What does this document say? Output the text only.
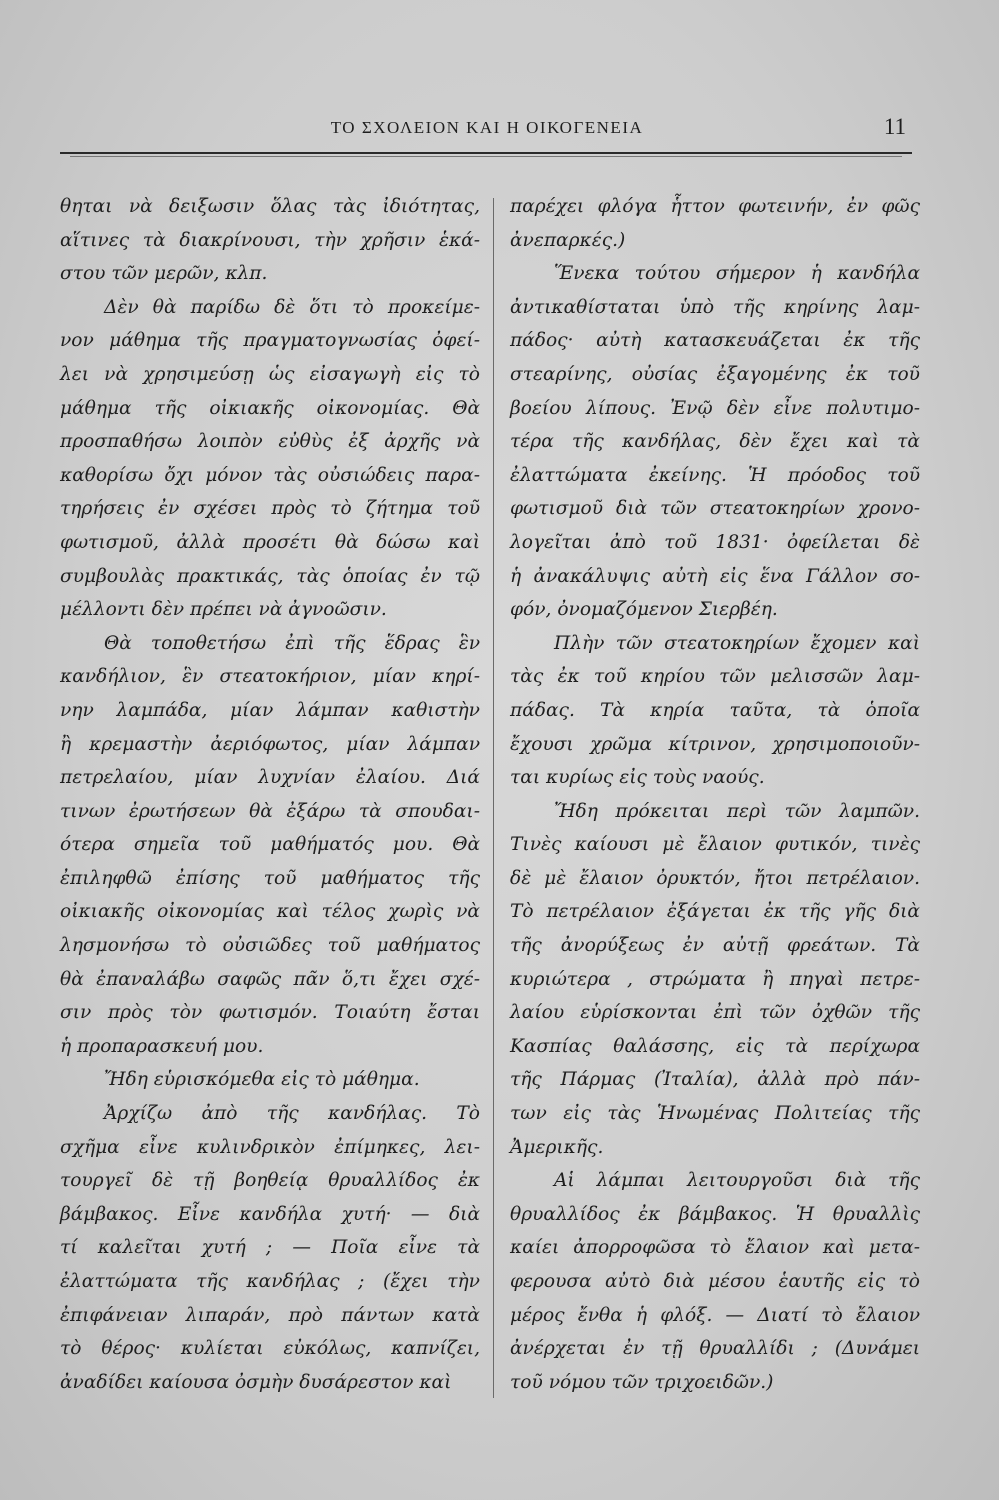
ΤΟ ΣΧΟΛΕΙΟΝ ΚΑΙ Η ΟΙΚΟΓΕΝΕΙΑ	11
θηται νὰ δειξωσιν ὅλας τὰς ἰδιότητας,
αἵτινες τὰ διακρίνουσι, τὴν χρῆσιν ἑκά-
στου τῶν μερῶν, κλπ.
Δὲν θὰ παρίδω δὲ ὅτι τὸ προκείμε-
νον μάθημα τῆς πραγματογνωσίας ὀφεί-
λει νὰ χρησιμεύσῃ ὡς εἰσαγωγὴ εἰς τὸ
μάθημα τῆς οἰκιακῆς οἰκονομίας. Θὰ
προσπαθήσω λοιπὸν εὐθὺς ἐξ ἀρχῆς νὰ
καθορίσω ὄχι μόνον τὰς οὐσιώδεις παρα-
τηρήσεις ἐν σχέσει πρὸς τὸ ζήτημα τοῦ
φωτισμοῦ, ἀλλὰ προσέτι θὰ δώσω καὶ
συμβουλὰς πρακτικάς, τὰς ὁποίας ἐν τῷ
μέλλοντι δὲν πρέπει νὰ ἀγνοῶσιν.
Θὰ τοποθετήσω ἐπὶ τῆς ἕδρας ἓν
κανδήλιον, ἓν στεατοκήριον, μίαν κηρί-
νην λαμπάδα, μίαν λάμπαν καθιστὴν
ἢ κρεμαστὴν ἀεριόφωτος, μίαν λάμπαν
πετρελαίου, μίαν λυχνίαν ἐλαίου. Διά
τινων ἐρωτήσεων θὰ ἐξάρω τὰ σπουδαι-
ότερα σημεῖα τοῦ μαθήματός μου. Θὰ
ἐπιληφθῶ ἐπίσης τοῦ μαθήματος τῆς
οἰκιακῆς οἰκονομίας καὶ τέλος χωρὶς νὰ
λησμονήσω τὸ οὐσιῶδες τοῦ μαθήματος
θὰ ἐπαναλάβω σαφῶς πᾶν ὅ,τι ἔχει σχέ-
σιν πρὸς τὸν φωτισμόν. Τοιαύτη ἔσται
ἡ προπαρασκευή μου.
Ἤδη εὑρισκόμεθα εἰς τὸ μάθημα.
Ἀρχίζω ἀπὸ τῆς κανδήλας. Τὸ
σχῆμα εἶνε κυλινδρικὸν ἐπίμηκες, λει-
τουργεῖ δὲ τῇ βοηθείᾳ θρυαλλίδος ἐκ
βάμβακος. Εἶνε κανδήλα χυτή· — διὰ
τί καλεῖται χυτή ; — Ποῖα εἶνε τὰ
ἐλαττώματα τῆς κανδήλας ; (ἔχει τὴν
ἐπιφάνειαν λιπαράν, πρὸ πάντων κατὰ
τὸ θέρος· κυλίεται εὐκόλως, καπνίζει,
ἀναδίδει καίουσα ὀσμὴν δυσάρεστον καὶ
παρέχει φλόγα ἧττον φωτεινήν, ἐν φῶς
ἀνεπαρκές.)
Ἕνεκα τούτου σήμερον ἡ κανδήλα
ἀντικαθίσταται ὑπὸ τῆς κηρίνης λαμ-
πάδος· αὐτὴ κατασκευάζεται ἐκ τῆς
στεαρίνης, οὐσίας ἐξαγομένης ἐκ τοῦ
βοείου λίπους. Ἐνῷ δὲν εἶνε πολυτιμο-
τέρα τῆς κανδήλας, δὲν ἔχει καὶ τὰ
ἐλαττώματα ἐκείνης. Ἡ πρόοδος τοῦ
φωτισμοῦ διὰ τῶν στεατοκηρίων χρονο-
λογεῖται ἀπὸ τοῦ 1831· ὀφείλεται δὲ
ἡ ἀνακάλυψις αὐτὴ εἰς ἕνα Γάλλον σο-
φόν, ὀνομαζόμενον Σιερβέη.
Πλὴν τῶν στεατοκηρίων ἔχομεν καὶ
τὰς ἐκ τοῦ κηρίου τῶν μελισσῶν λαμ-
πάδας. Τὰ κηρία ταῦτα, τὰ ὁποῖα
ἔχουσι χρῶμα κίτρινον, χρησιμοποιοῦν-
ται κυρίως εἰς τοὺς ναούς.
Ἤδη πρόκειται περὶ τῶν λαμπῶν.
Τινὲς καίουσι μὲ ἔλαιον φυτικόν, τινὲς
δὲ μὲ ἔλαιον ὀρυκτόν, ἤτοι πετρέλαιον.
Τὸ πετρέλαιον ἐξάγεται ἐκ τῆς γῆς διὰ
τῆς ἀνορύξεως ἐν αὐτῇ φρεάτων. Τὰ
κυριώτερα , στρώματα ἢ πηγαὶ πετρε-
λαίου εὑρίσκονται ἐπὶ τῶν ὀχθῶν τῆς
Κασπίας θαλάσσης, εἰς τὰ περίχωρα
τῆς Πάρμας (Ἰταλία), ἀλλὰ πρὸ πάν-
των εἰς τὰς Ἡνωμένας Πολιτείας τῆς
Ἀμερικῆς.
Αἱ λάμπαι λειτουργοῦσι διὰ τῆς
θρυαλλίδος ἐκ βάμβακος. Ἡ θρυαλλὶς
καίει ἀπορροφῶσα τὸ ἔλαιον καὶ μετα-
φερουσα αὐτὸ διὰ μέσου ἑαυτῆς εἰς τὸ
μέρος ἔνθα ἡ φλόξ. — Διατί τὸ ἔλαιον
ἀνέρχεται ἐν τῇ θρυαλλίδι ; (Δυνάμει
τοῦ νόμου τῶν τριχοειδῶν.)
